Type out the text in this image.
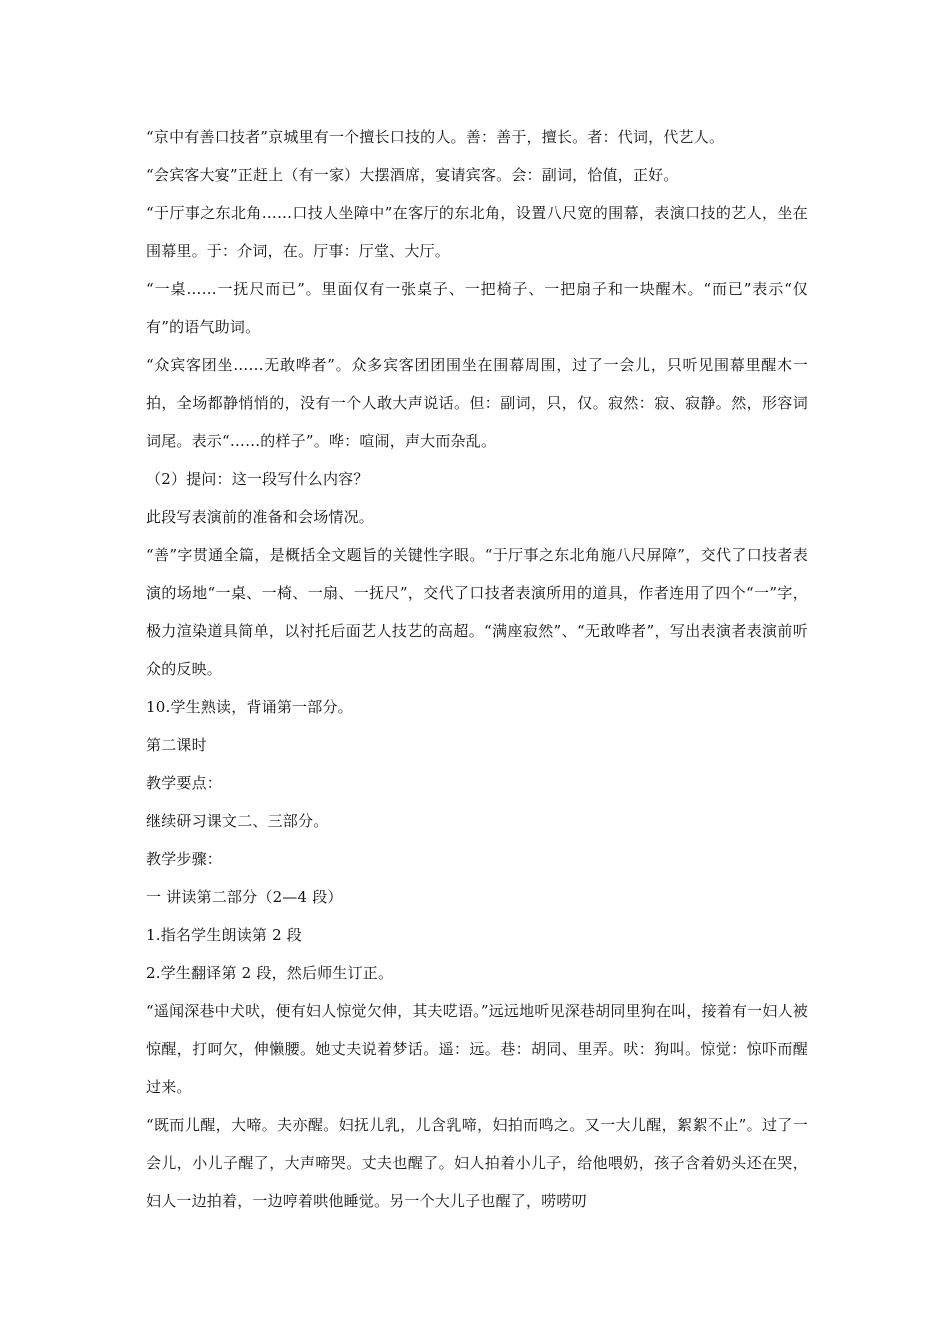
“京中有善口技者”京城里有一个擅长口技的人。善：善于，擅长。者：代词，代艺人。

“会宾客大宴”正赶上（有一家）大摆酒席，宴请宾客。会：副词，恰值，正好。

“于厅事之东北角……口技人坐障中”在客厅的东北角，设置八尺宽的围幕，表演口技的艺人，坐在围幕里。于：介词，在。厅事：厅堂、大厅。

“一桌……一抚尺而已”。里面仅有一张桌子、一把椅子、一把扇子和一块醒木。“而已”表示“仅有”的语气助词。

“众宾客团坐……无敢哗者”。众多宾客团团围坐在围幕周围，过了一会儿，只听见围幕里醒木一拍，全场都静悄悄的，没有一个人敢大声说话。但：副词，只，仅。寂然：寂、寂静。然，形容词词尾。表示“……的样子”。哗：喧闹，声大而杂乱。

（2）提问：这一段写什么内容？

此段写表演前的准备和会场情况。

“善”字贯通全篇，是概括全文题旨的关键性字眼。“于厅事之东北角施八尺屏障”，交代了口技者表演的场地“一桌、一椅、一扇、一抚尺”，交代了口技者表演所用的道具，作者连用了四个“一”字，极力渲染道具简单，以衬托后面艺人技艺的高超。“满座寂然”、“无敢哗者”，写出表演者表演前听众的反映。

10.学生熟读，背诵第一部分。

第二课时

教学要点：

继续研习课文二、三部分。

教学步骤：

一 讲读第二部分（2—4 段）

1.指名学生朗读第 2 段

2.学生翻译第 2 段，然后师生订正。

“遥闻深巷中犬吠，便有妇人惊觉欠伸，其夫呓语。”远远地听见深巷胡同里狗在叫，接着有一妇人被惊醒，打呵欠，伸懒腰。她丈夫说着梦话。遥：远。巷：胡同、里弄。吠：狗叫。惊觉：惊吓而醒过来。

“既而儿醒，大啼。夫亦醒。妇抚儿乳，儿含乳啼，妇拍而鸣之。又一大儿醒，絮絮不止”。过了一会儿，小儿子醒了，大声啼哭。丈夫也醒了。妇人拍着小儿子，给他喂奶，孩子含着奶头还在哭，妇人一边拍着，一边哼着哄他睡觉。另一个大儿子也醒了，唠唠叨
